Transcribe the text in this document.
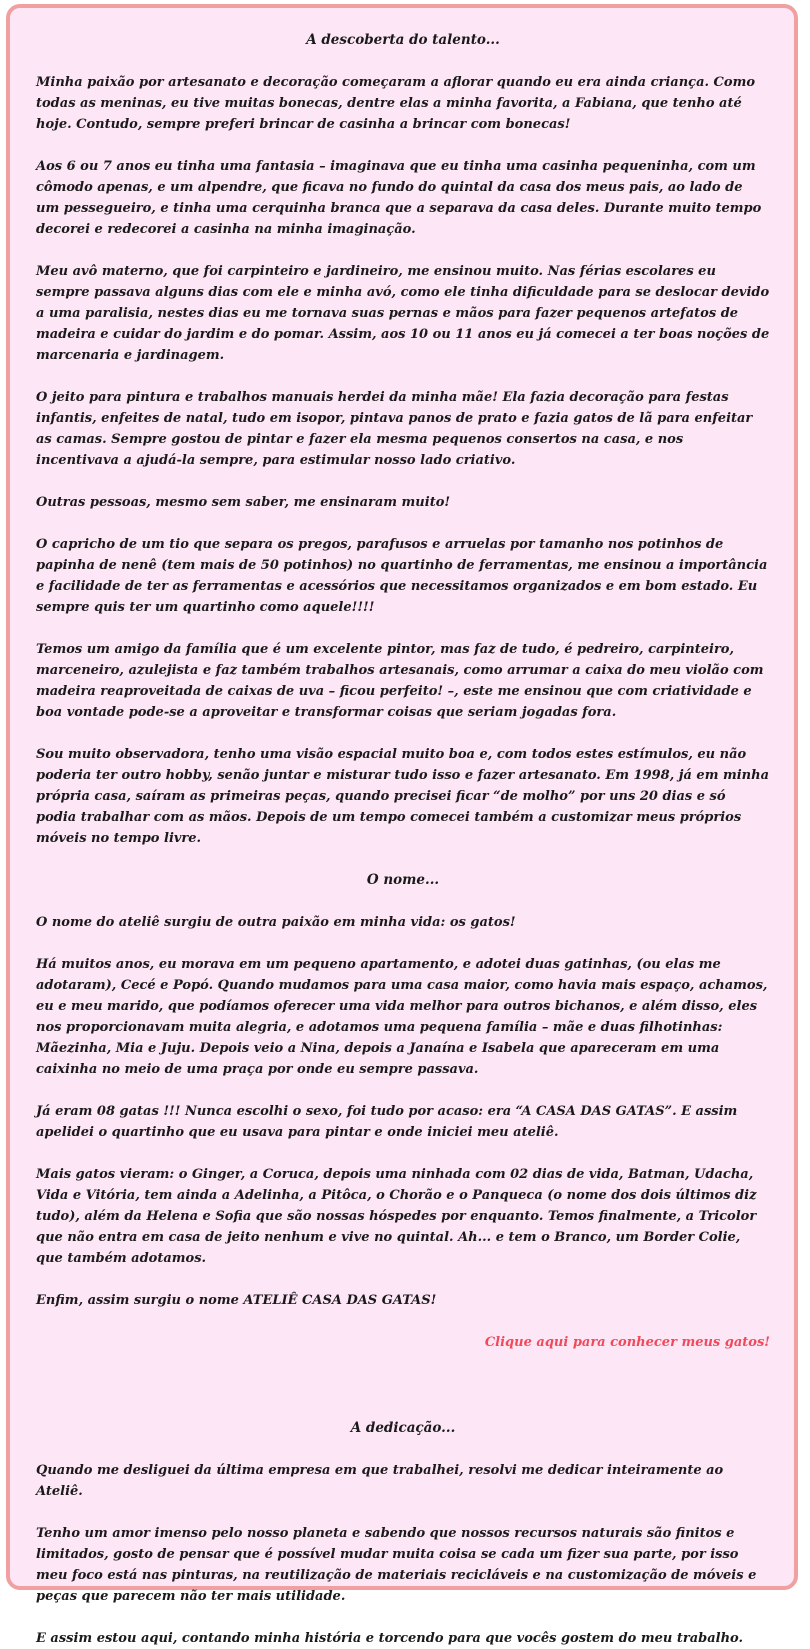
A descoberta do talento...

Minha paixão por artesanato e decoração começaram a aflorar quando eu era ainda criança. Como todas as meninas, eu tive muitas bonecas, dentre elas a minha favorita, a Fabiana, que tenho até hoje. Contudo, sempre preferi brincar de casinha a brincar com bonecas!

Aos 6 ou 7 anos eu tinha uma fantasia – imaginava que eu tinha uma casinha pequeninha, com um cômodo apenas, e um alpendre, que ficava no fundo do quintal da casa dos meus pais, ao lado de um pessegueiro, e tinha uma cerquinha branca que a separava da casa deles. Durante muito tempo decorei e redecorei a casinha na minha imaginação.

Meu avô materno, que foi carpinteiro e jardineiro, me ensinou muito. Nas férias escolares eu sempre passava alguns dias com ele e minha avó, como ele tinha dificuldade para se deslocar devido a uma paralisia, nestes dias eu me tornava suas pernas e mãos para fazer pequenos artefatos de madeira e cuidar do jardim e do pomar. Assim, aos 10 ou 11 anos eu já comecei a ter boas noções de marcenaria e jardinagem.

O jeito para pintura e trabalhos manuais herdei da minha mãe! Ela fazia decoração para festas infantis, enfeites de natal, tudo em isopor, pintava panos de prato e fazia gatos de lã para enfeitar as camas. Sempre gostou de pintar e fazer ela mesma pequenos consertos na casa, e nos incentivava a ajudá-la sempre, para estimular nosso lado criativo.

Outras pessoas, mesmo sem saber, me ensinaram muito!

O capricho de um tio que separa os pregos, parafusos e arruelas por tamanho nos potinhos de papinha de nenê (tem mais de 50 potinhos) no quartinho de ferramentas, me ensinou a importância e facilidade de ter as ferramentas e acessórios que necessitamos organizados e em bom estado. Eu sempre quis ter um quartinho como aquele!!!!

Temos um amigo da família que é um excelente pintor, mas faz de tudo, é pedreiro, carpinteiro, marceneiro, azulejista e faz também trabalhos artesanais, como arrumar a caixa do meu violão com madeira reaproveitada de caixas de uva – ficou perfeito! –, este me ensinou que com criatividade e boa vontade pode-se a aproveitar e transformar coisas que seriam jogadas fora.

Sou muito observadora, tenho uma visão espacial muito boa e, com todos estes estímulos, eu não poderia ter outro hobby, senão juntar e misturar tudo isso e fazer artesanato. Em 1998, já em minha própria casa, saíram as primeiras peças, quando precisei ficar “de molho” por uns 20 dias e só podia trabalhar com as mãos. Depois de um tempo comecei também a customizar meus próprios móveis no tempo livre.

O nome...

O nome do ateliê surgiu de outra paixão em minha vida: os gatos!

Há muitos anos, eu morava em um pequeno apartamento, e adotei duas gatinhas, (ou elas me adotaram), Cecé e Popó. Quando mudamos para uma casa maior, como havia mais espaço, achamos, eu e meu marido, que podíamos oferecer uma vida melhor para outros bichanos, e além disso, eles nos proporcionavam muita alegria, e adotamos uma pequena família – mãe e duas filhotinhas: Mãezinha, Mia e Juju. Depois veio a Nina, depois a Janaína e Isabela que apareceram em uma caixinha no meio de uma praça por onde eu sempre passava.

Já eram 08 gatas !!! Nunca escolhi o sexo, foi tudo por acaso: era “A CASA DAS GATAS”. E assim apelidei o quartinho que eu usava para pintar e onde iniciei meu ateliê.

Mais gatos vieram: o Ginger, a Coruca, depois uma ninhada com 02 dias de vida, Batman, Udacha, Vida e Vitória, tem ainda a Adelinha, a Pitôca, o Chorão e o Panqueca (o nome dos dois últimos diz tudo), além da Helena e Sofia que são nossas hóspedes por enquanto. Temos finalmente, a Tricolor que não entra em casa de jeito nenhum e vive no quintal. Ah... e tem o Branco, um Border Colie, que também adotamos.

Enfim, assim surgiu o nome ATELIÊ CASA DAS GATAS!

Clique aqui para conhecer meus gatos!
A dedicação...

Quando me desliguei da última empresa em que trabalhei, resolvi me dedicar inteiramente ao Ateliê.

Tenho um amor imenso pelo nosso planeta e sabendo que nossos recursos naturais são finitos e limitados, gosto de pensar que é possível mudar muita coisa se cada um fizer sua parte, por isso meu foco está nas pinturas, na reutilização de materiais recicláveis e na customização de móveis e peças que parecem não ter mais utilidade.

E assim estou aqui, contando minha história e torcendo para que vocês gostem do meu trabalho.
